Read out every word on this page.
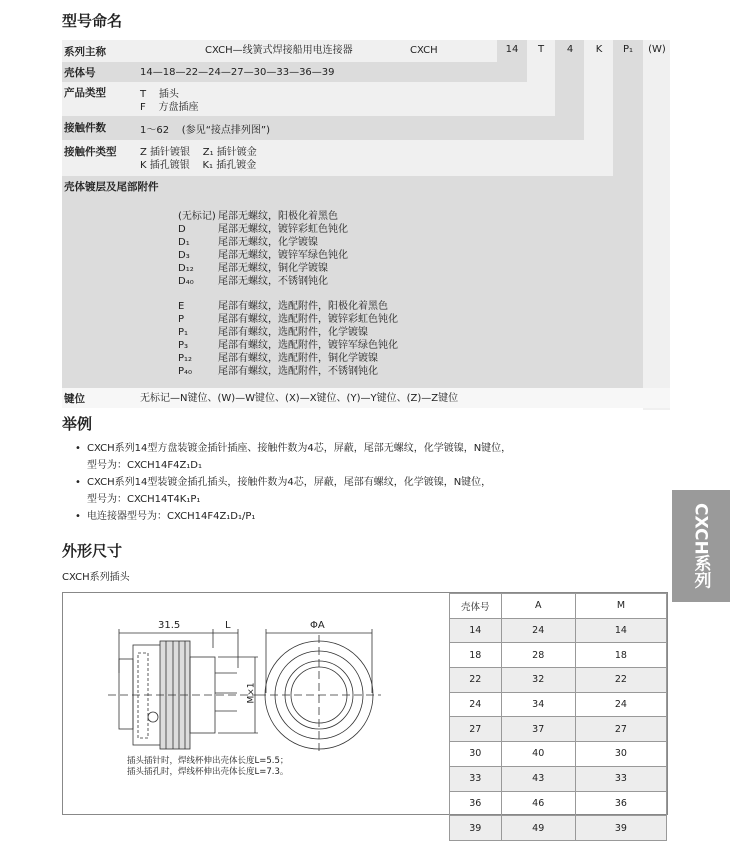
型号命名
系列主称	CXCH—线簧式焊接船用电连接器	CXCH	14	T	4	K	P₁	(W)
壳体号	14—18—22—24—27—30—33—36—39
产品类型	T    插头
F    方盘插座
接触件数	1～62    (参见“接点排列图”)
接触件类型 Z 插针镀银    Z₁ 插针镀金
K 插孔镀银    K₁ 插孔镀金
壳体镀层及尾部附件
(无标记) 尾部无螺纹，阳极化着黑色
D	尾部无螺纹，镀锌彩虹色钝化
D₁	尾部无螺纹，化学镀镍
D₃	尾部无螺纹，镀锌军绿色钝化
D₁₂	尾部无螺纹，铜化学镀镍
D₄₀	尾部无螺纹，不锈钢钝化
E	尾部有螺纹，选配附件，阳极化着黑色
P	尾部有螺纹，选配附件，镀锌彩虹色钝化
P₁	尾部有螺纹，选配附件，化学镀镍
P₃	尾部有螺纹，选配附件，镀锌军绿色钝化
P₁₂	尾部有螺纹，选配附件，铜化学镀镍
P₄₀	尾部有螺纹，选配附件，不锈钢钝化
键位	无标记—N键位、(W)—W键位、(X)—X键位、(Y)—Y键位、(Z)—Z键位
举例
• CXCH系列14型方盘装镀金插针插座、接触件数为4芯，屏蔽，尾部无螺纹，化学镀镍，N键位，
型号为：CXCH14F4Z₁D₁
• CXCH系列14型装镀金插孔插头，接触件数为4芯，屏蔽，尾部有螺纹，化学镀镍，N键位，
型号为：CXCH14T4K₁P₁
• 电连接器型号为：CXCH14F4Z₁D₁/P₁
外形尺寸
CXCH系列插头	CXCH系列
31.5	L	ΦA
M×1
插头插针时，焊线杯伸出壳体长度L=5.5；
插头插孔时，焊线杯伸出壳体长度L=7.3。
壳体号	A	M
14	24	14
18	28	18
22	32	22
24	34	24
27	37	27
30	40	30
33	43	33
36	46	36
39	49	39
